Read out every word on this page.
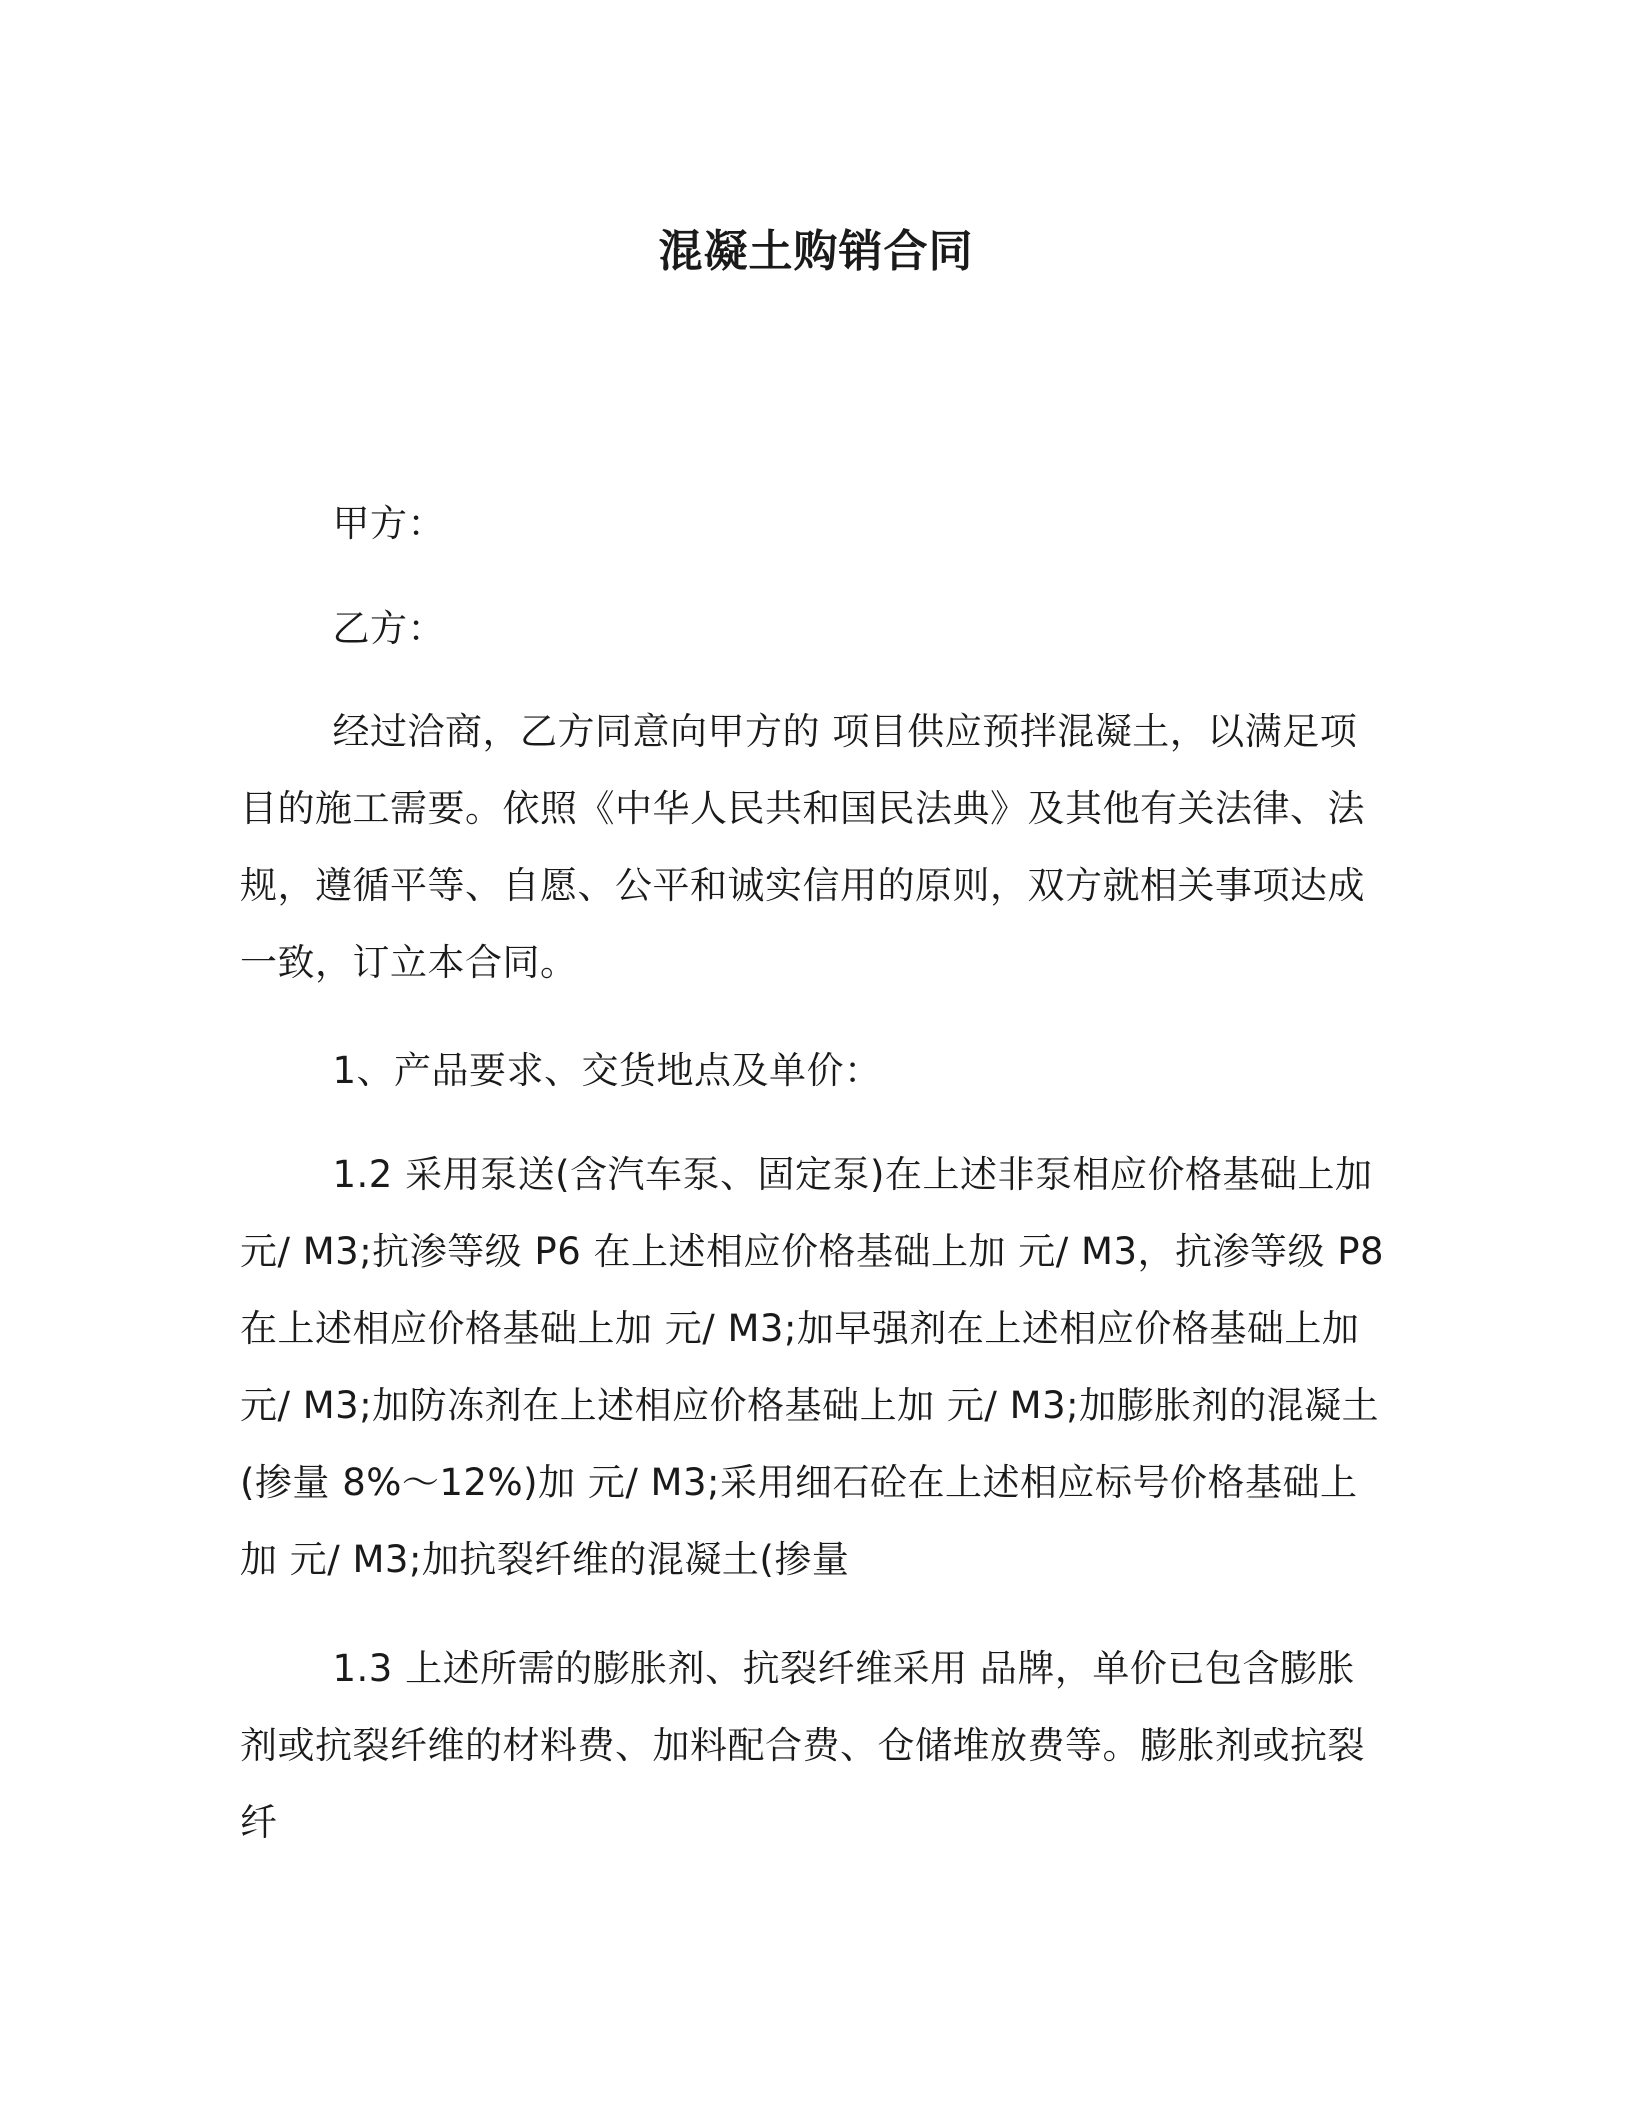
混凝土购销合同

甲方：

乙方：

经过洽商，乙方同意向甲方的 项目供应预拌混凝土，以满足项目的施工需要。依照《中华人民共和国民法典》及其他有关法律、法规，遵循平等、自愿、公平和诚实信用的原则，双方就相关事项达成一致，订立本合同。

1、产品要求、交货地点及单价：

1.2 采用泵送(含汽车泵、固定泵)在上述非泵相应价格基础上加 元/ M3;抗渗等级 P6 在上述相应价格基础上加 元/ M3，抗渗等级 P8 在上述相应价格基础上加 元/ M3;加早强剂在上述相应价格基础上加 元/ M3;加防冻剂在上述相应价格基础上加 元/ M3;加膨胀剂的混凝土(掺量 8%～12%)加 元/ M3;采用细石砼在上述相应标号价格基础上加 元/ M3;加抗裂纤维的混凝土(掺量

1.3 上述所需的膨胀剂、抗裂纤维采用 品牌，单价已包含膨胀剂或抗裂纤维的材料费、加料配合费、仓储堆放费等。膨胀剂或抗裂纤
